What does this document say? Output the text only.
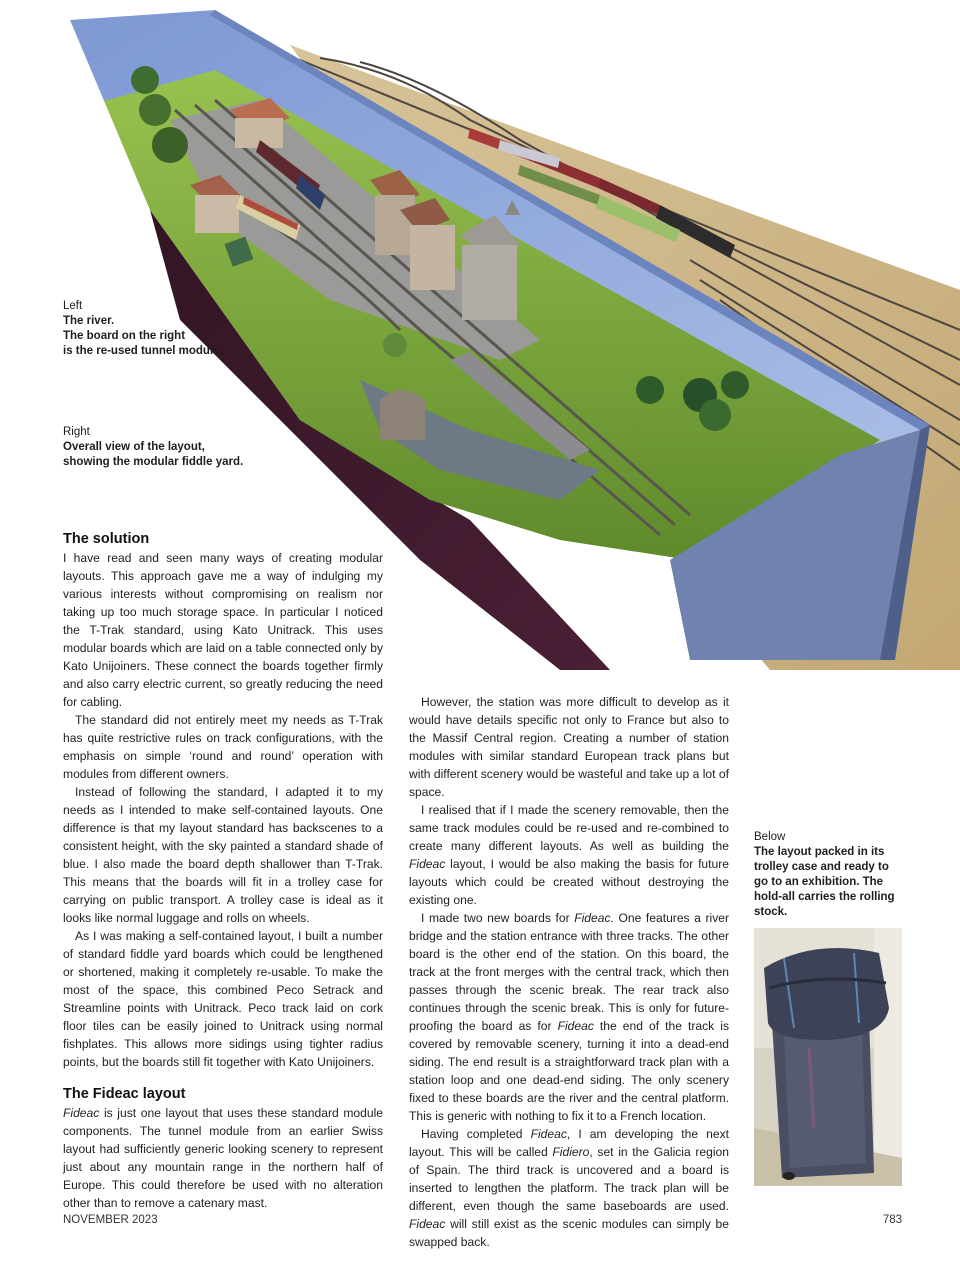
Left
The river.
The board on the right
is the re-used tunnel module.
Right
Overall view of the layout,
showing the modular fiddle yard.
Below
The layout packed in its trolley case and ready to go to an exhibition. The hold-all carries the rolling stock.
The solution

I have read and seen many ways of creating modular layouts. This approach gave me a way of indulging my various interests without compromising on realism nor taking up too much storage space. In particular I noticed the T-Trak standard, using Kato Unitrack. This uses modular boards which are laid on a table connected only by Kato Unijoiners. These connect the boards together firmly and also carry electric current, so greatly reducing the need for cabling.

The standard did not entirely meet my needs as T-Trak has quite restrictive rules on track configurations, with the emphasis on simple ‘round and round’ operation with modules from different owners.

Instead of following the standard, I adapted it to my needs as I intended to make self-contained layouts. One difference is that my layout standard has backscenes to a consistent height, with the sky painted a standard shade of blue. I also made the board depth shallower than T-Trak. This means that the boards will fit in a trolley case for carrying on public transport. A trolley case is ideal as it looks like normal luggage and rolls on wheels.

As I was making a self-contained layout, I built a number of standard fiddle yard boards which could be lengthened or shortened, making it completely re-usable. To make the most of the space, this combined Peco Setrack and Streamline points with Unitrack. Peco track laid on cork floor tiles can be easily joined to Unitrack using normal fishplates. This allows more sidings using tighter radius points, but the boards still fit together with Kato Unijoiners.

The Fideac layout

Fideac is just one layout that uses these standard module components. The tunnel module from an earlier Swiss layout had sufficiently generic looking scenery to represent just about any mountain range in the northern half of Europe. This could therefore be used with no alteration other than to remove a catenary mast.

However, the station was more difficult to develop as it would have details specific not only to France but also to the Massif Central region. Creating a number of station modules with similar standard European track plans but with different scenery would be wasteful and take up a lot of space.

I realised that if I made the scenery removable, then the same track modules could be re-used and re-combined to create many different layouts. As well as building the Fideac layout, I would be also making the basis for future layouts which could be created without destroying the existing one.

I made two new boards for Fideac. One features a river bridge and the station entrance with three tracks. The other board is the other end of the station. On this board, the track at the front merges with the central track, which then passes through the scenic break. The rear track also continues through the scenic break. This is only for future-proofing the board as for Fideac the end of the track is covered by removable scenery, turning it into a dead-end siding. The end result is a straightforward track plan with a station loop and one dead-end siding. The only scenery fixed to these boards are the river and the central platform. This is generic with nothing to fix it to a French location.

Having completed Fideac, I am developing the next layout. This will be called Fidiero, set in the Galicia region of Spain. The third track is uncovered and a board is inserted to lengthen the platform. The track plan will be different, even though the same baseboards are used. Fideac will still exist as the scenic modules can simply be swapped back.

NOVEMBER 2023	783
